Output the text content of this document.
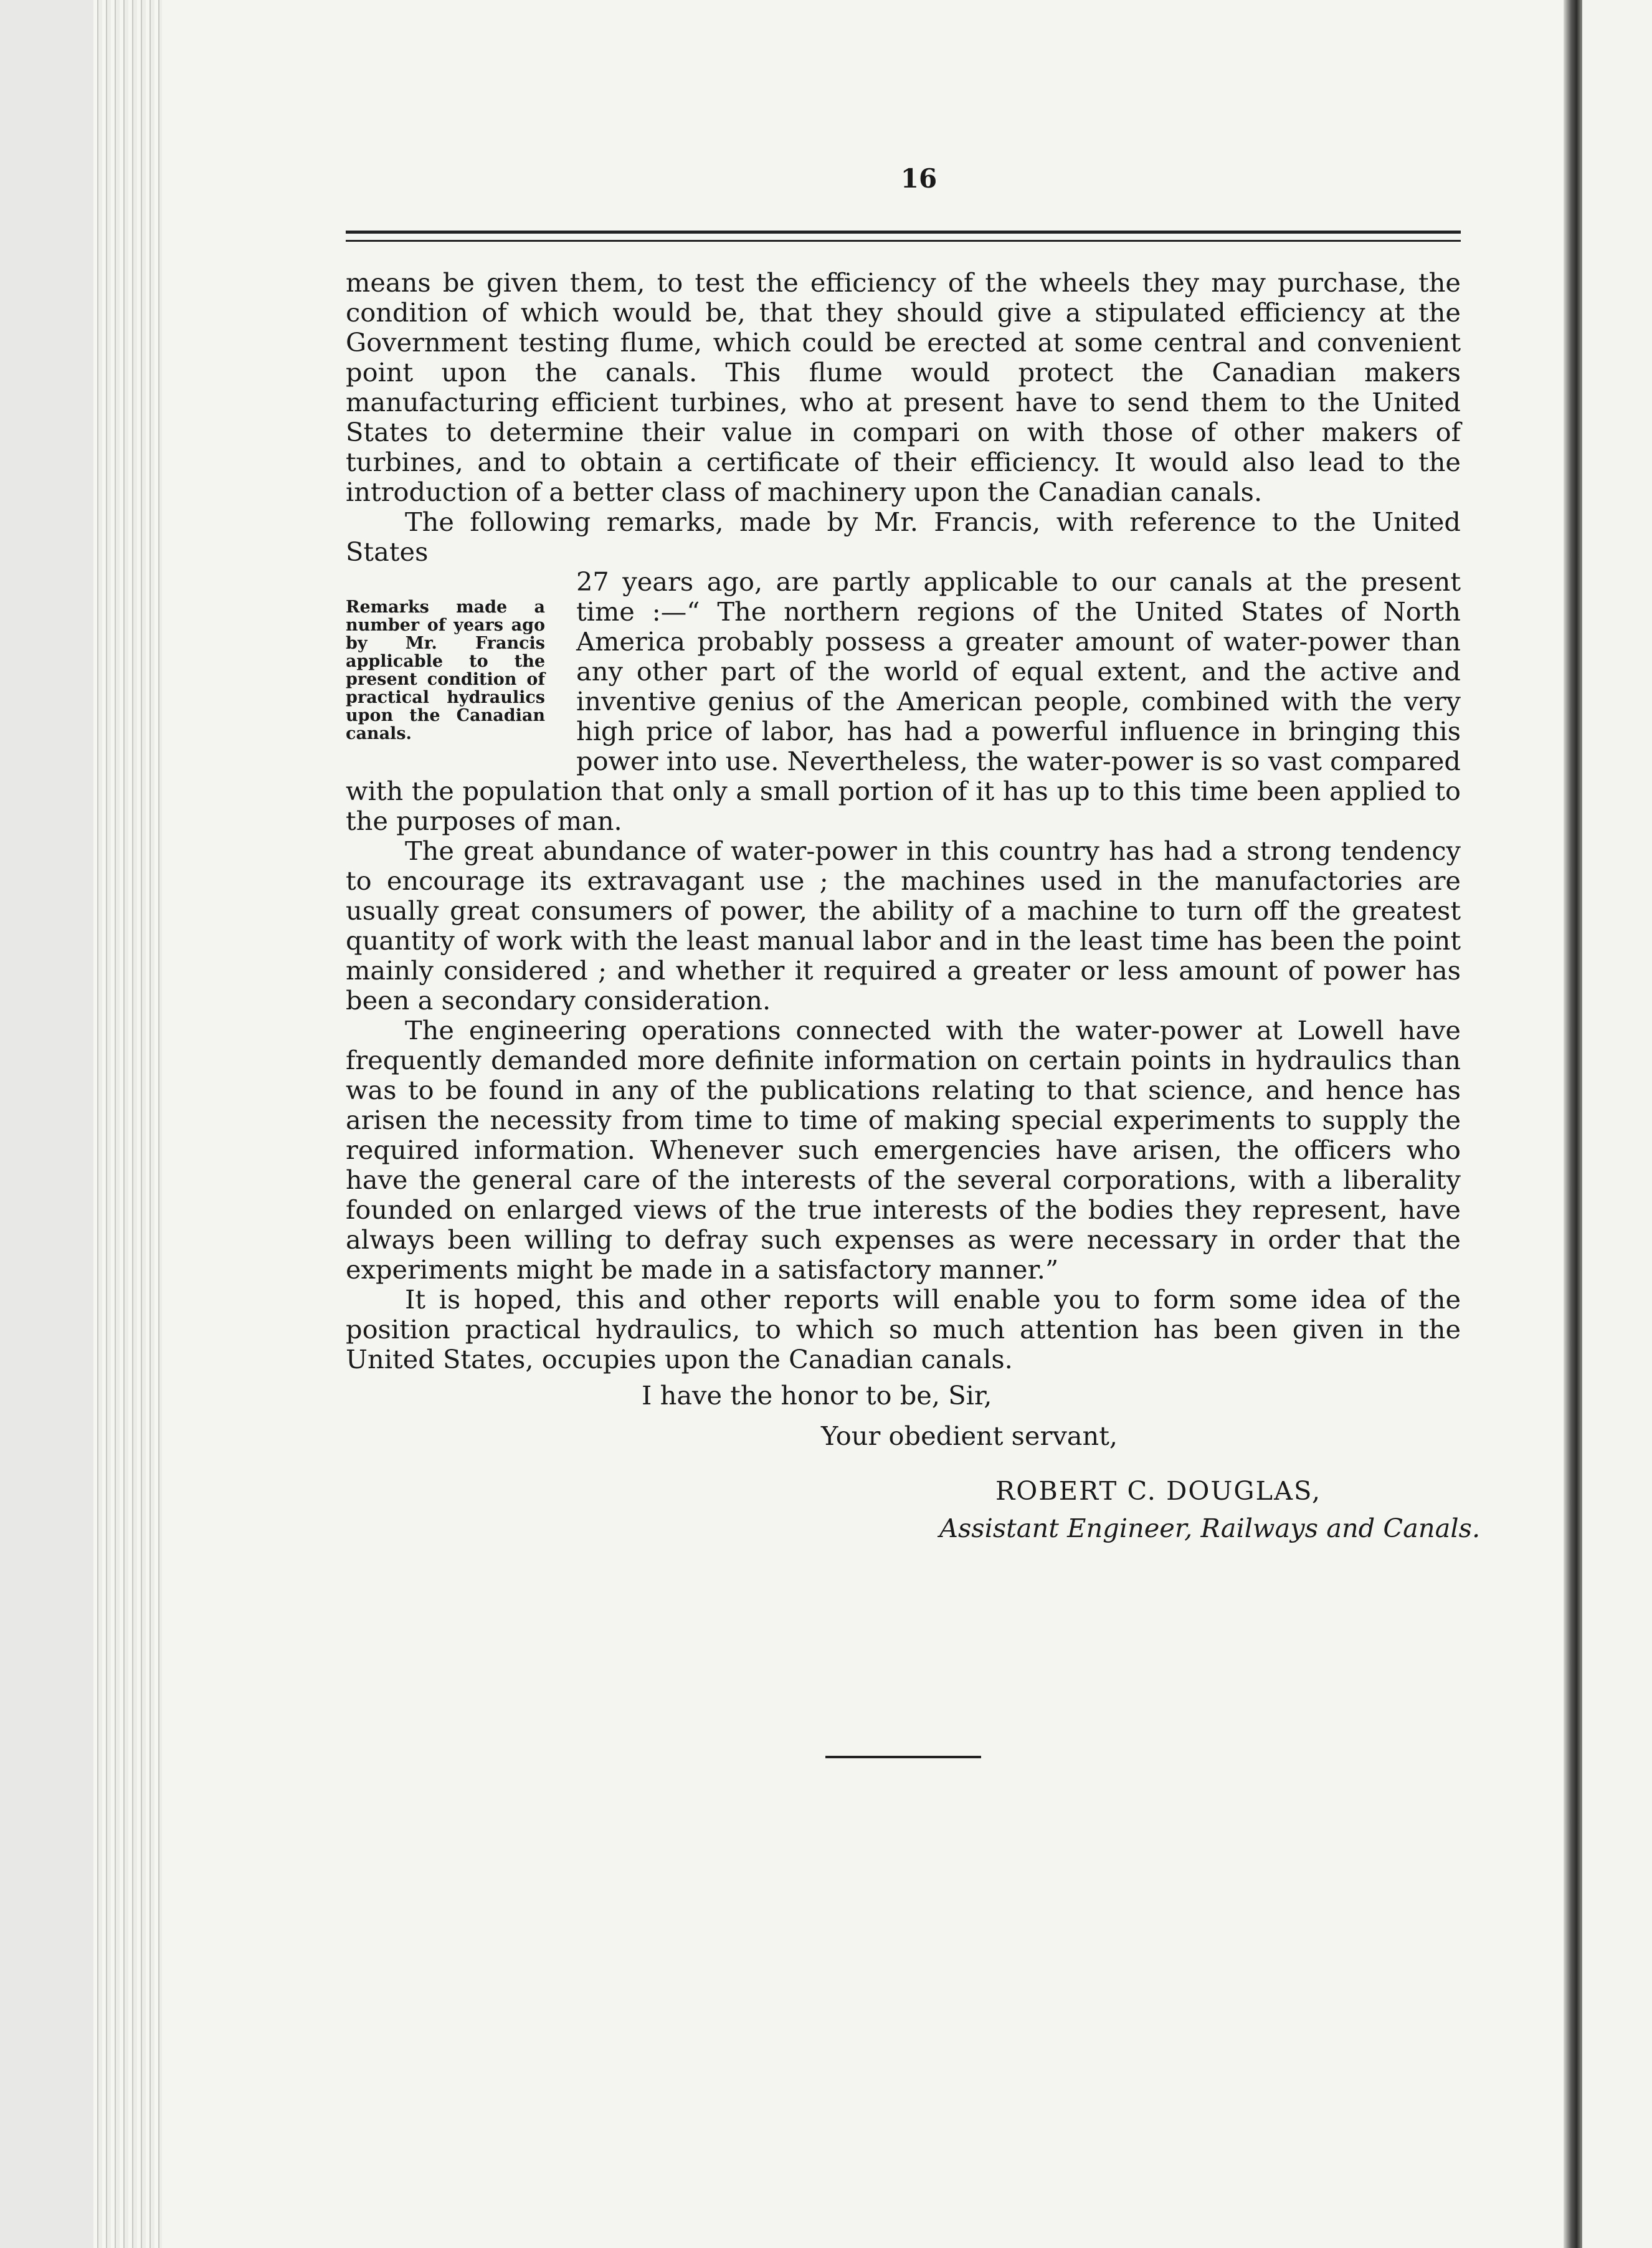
16

means be given them, to test the efficiency of the wheels they may purchase, the condition of which would be, that they should give a stipulated efficiency at the Government testing flume, which could be erected at some central and convenient point upon the canals. This flume would protect the Canadian makers manufacturing efficient turbines, who at present have to send them to the United States to determine their value in compari on with those of other makers of turbines, and to obtain a certificate of their efficiency. It would also lead to the introduction of a better class of machinery upon the Canadian canals.

The following remarks, made by Mr. Francis, with reference to the United States

Remarks made a number of years ago by Mr. Francis applicable to the present condition of practical hydraulics upon the Canadian canals.

27 years ago, are partly applicable to our canals at the present time :—“ The northern regions of the United States of North America probably possess a greater amount of water-power than any other part of the world of equal extent, and the active and inventive genius of the American people, combined with the very high price of labor, has had a powerful influence in bringing this power into use. Nevertheless, the water-power is so vast compared with the population that only a small portion of it has up to this time been applied to the purposes of man.

The great abundance of water-power in this country has had a strong tendency to encourage its extravagant use ; the machines used in the manufactories are usually great consumers of power, the ability of a machine to turn off the greatest quantity of work with the least manual labor and in the least time has been the point mainly considered ; and whether it required a greater or less amount of power has been a secondary consideration.

The engineering operations connected with the water-power at Lowell have frequently demanded more definite information on certain points in hydraulics than was to be found in any of the publications relating to that science, and hence has arisen the necessity from time to time of making special experiments to supply the required information. Whenever such emergencies have arisen, the officers who have the general care of the interests of the several corporations, with a liberality founded on enlarged views of the true interests of the bodies they represent, have always been willing to defray such expenses as were necessary in order that the experiments might be made in a satisfactory manner.”

It is hoped, this and other reports will enable you to form some idea of the position practical hydraulics, to which so much attention has been given in the United States, occupies upon the Canadian canals.

I have the honor to be, Sir,
Your obedient servant,
ROBERT C. DOUGLAS,
Assistant Engineer, Railways and Canals.
